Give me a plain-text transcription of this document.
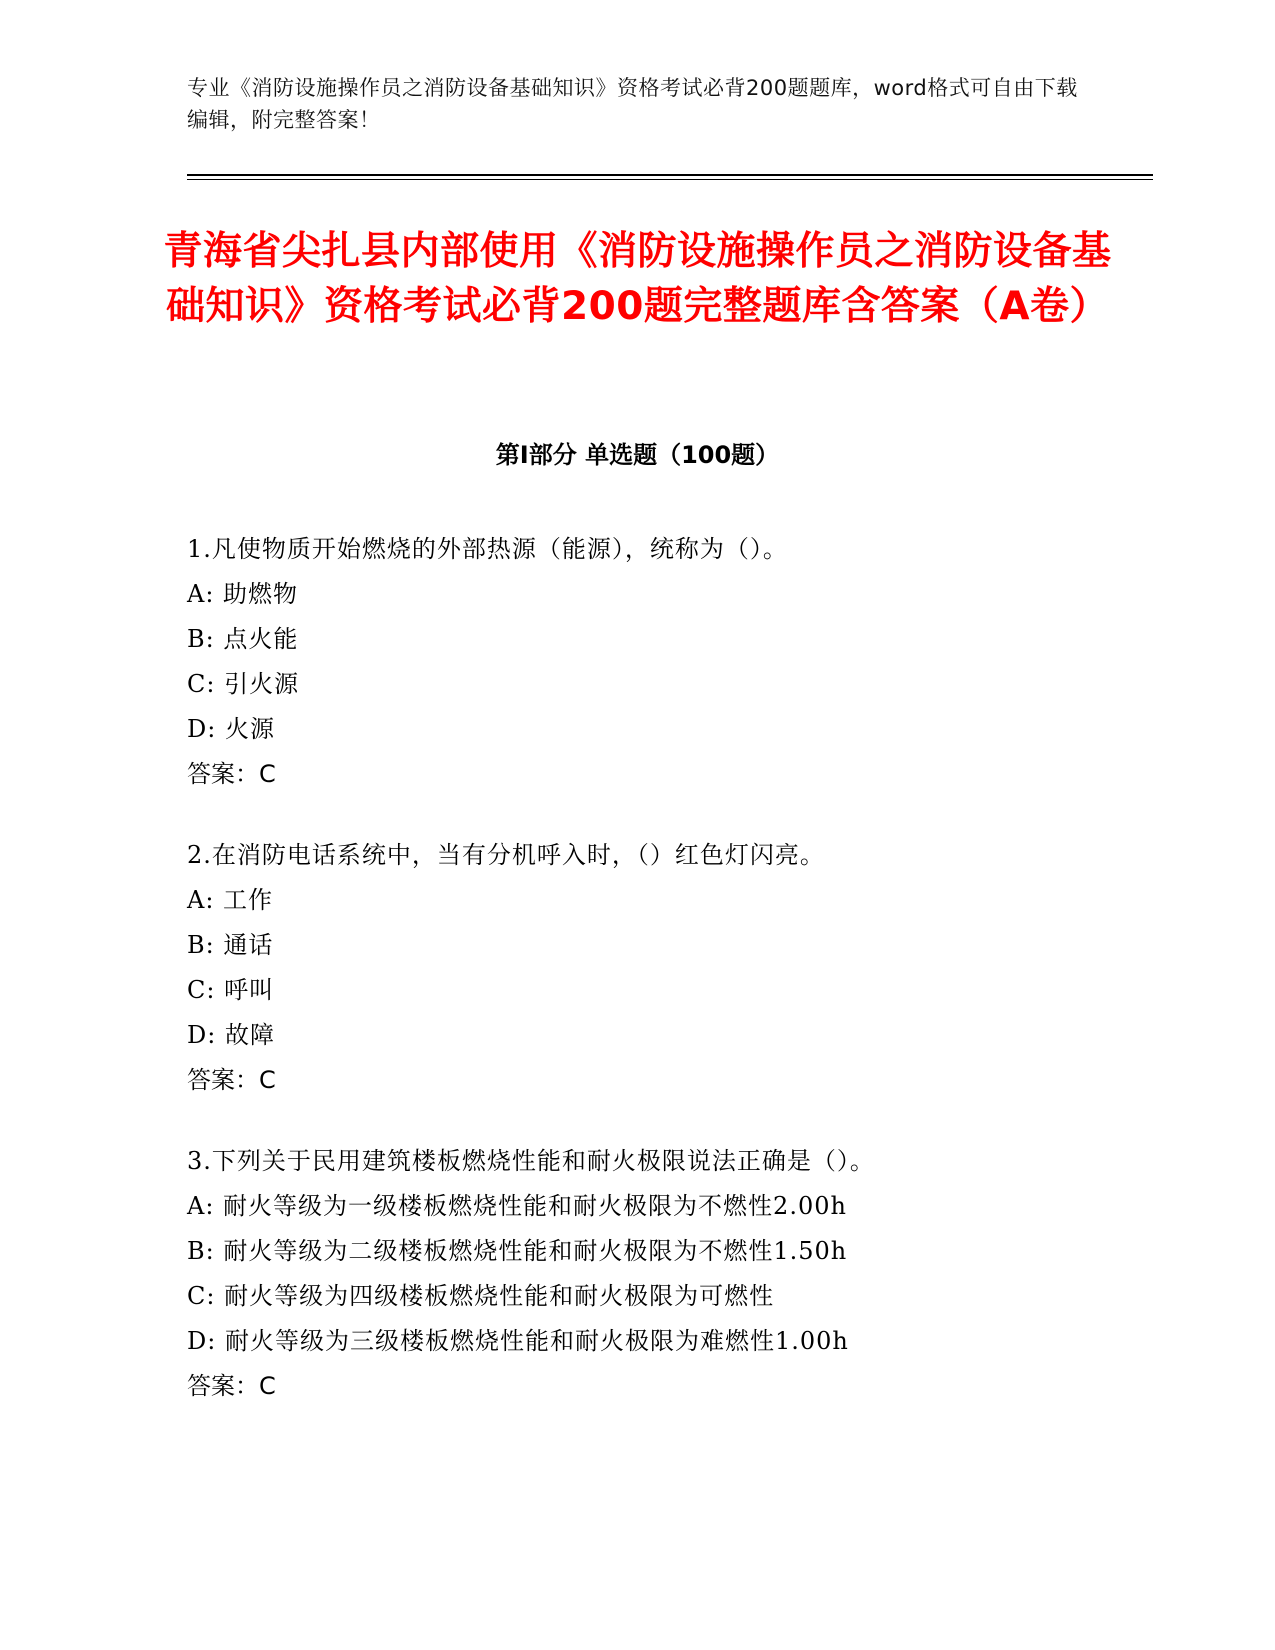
专业《消防设施操作员之消防设备基础知识》资格考试必背200题题库，word格式可自由下载编辑，附完整答案！
青海省尖扎县内部使用《消防设施操作员之消防设备基础知识》资格考试必背200题完整题库含答案（A卷）
第Ⅰ部分 单选题（100题）
1.凡使物质开始燃烧的外部热源（能源），统称为（）。
A: 助燃物
B: 点火能
C: 引火源
D: 火源
答案：C
2.在消防电话系统中，当有分机呼入时，（）红色灯闪亮。
A: 工作
B: 通话
C: 呼叫
D: 故障
答案：C
3.下列关于民用建筑楼板燃烧性能和耐火极限说法正确是（）。
A: 耐火等级为一级楼板燃烧性能和耐火极限为不燃性2.00h
B: 耐火等级为二级楼板燃烧性能和耐火极限为不燃性1.50h
C: 耐火等级为四级楼板燃烧性能和耐火极限为可燃性
D: 耐火等级为三级楼板燃烧性能和耐火极限为难燃性1.00h
答案：C
